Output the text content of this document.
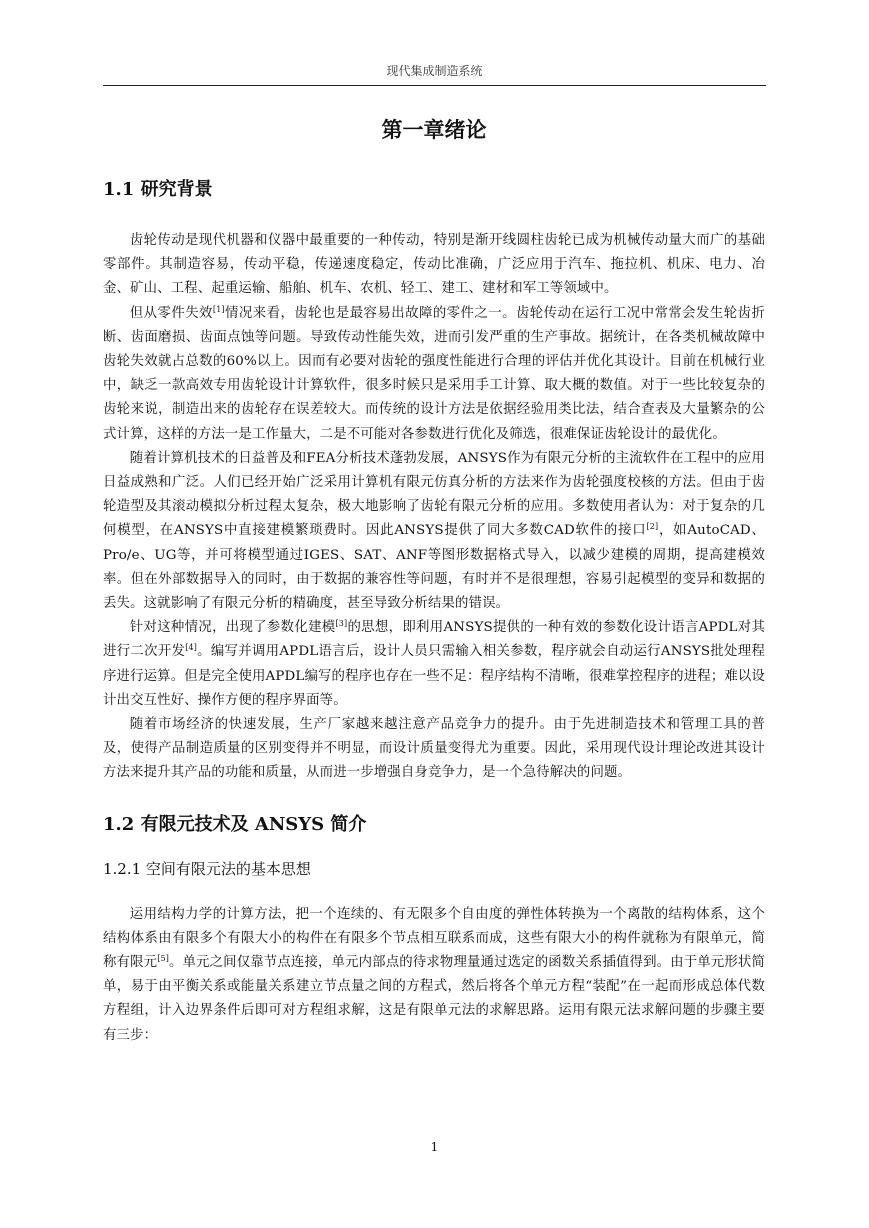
现代集成制造系统
第一章绪论
1.1 研究背景

齿轮传动是现代机器和仪器中最重要的一种传动，特别是渐开线圆柱齿轮已成为机械传动量大而广的基础零部件。其制造容易，传动平稳，传递速度稳定，传动比准确，广泛应用于汽车、拖拉机、机床、电力、冶金、矿山、工程、起重运输、船舶、机车、农机、轻工、建工、建材和军工等领域中。

但从零件失效[1]情况来看，齿轮也是最容易出故障的零件之一。齿轮传动在运行工况中常常会发生轮齿折断、齿面磨损、齿面点蚀等问题。导致传动性能失效，进而引发严重的生产事故。据统计，在各类机械故障中齿轮失效就占总数的60%以上。因而有必要对齿轮的强度性能进行合理的评估并优化其设计。目前在机械行业中，缺乏一款高效专用齿轮设计计算软件，很多时候只是采用手工计算、取大概的数值。对于一些比较复杂的齿轮来说，制造出来的齿轮存在误差较大。而传统的设计方法是依据经验用类比法，结合查表及大量繁杂的公式计算，这样的方法一是工作量大，二是不可能对各参数进行优化及筛选，很难保证齿轮设计的最优化。

随着计算机技术的日益普及和FEA分析技术蓬勃发展，ANSYS作为有限元分析的主流软件在工程中的应用日益成熟和广泛。人们已经开始广泛采用计算机有限元仿真分析的方法来作为齿轮强度校核的方法。但由于齿轮造型及其滚动模拟分析过程太复杂，极大地影响了齿轮有限元分析的应用。多数使用者认为：对于复杂的几何模型，在ANSYS中直接建模繁琐费时。因此ANSYS提供了同大多数CAD软件的接口[2]，如AutoCAD、Pro/e、UG等，并可将模型通过IGES、SAT、ANF等图形数据格式导入，以减少建模的周期，提高建模效率。但在外部数据导入的同时，由于数据的兼容性等问题，有时并不是很理想，容易引起模型的变异和数据的丢失。这就影响了有限元分析的精确度，甚至导致分析结果的错误。

针对这种情况，出现了参数化建模[3]的思想，即利用ANSYS提供的一种有效的参数化设计语言APDL对其进行二次开发[4]。编写并调用APDL语言后，设计人员只需输入相关参数，程序就会自动运行ANSYS批处理程序进行运算。但是完全使用APDL编写的程序也存在一些不足：程序结构不清晰，很难掌控程序的进程；难以设计出交互性好、操作方便的程序界面等。

随着市场经济的快速发展，生产厂家越来越注意产品竞争力的提升。由于先进制造技术和管理工具的普及，使得产品制造质量的区别变得并不明显，而设计质量变得尤为重要。因此，采用现代设计理论改进其设计方法来提升其产品的功能和质量，从而进一步增强自身竞争力，是一个急待解决的问题。

1.2 有限元技术及 ANSYS 简介
1.2.1 空间有限元法的基本思想

运用结构力学的计算方法，把一个连续的、有无限多个自由度的弹性体转换为一个离散的结构体系，这个结构体系由有限多个有限大小的构件在有限多个节点相互联系而成，这些有限大小的构件就称为有限单元，简称有限元[5]。单元之间仅靠节点连接，单元内部点的待求物理量通过选定的函数关系插值得到。由于单元形状简单，易于由平衡关系或能量关系建立节点量之间的方程式，然后将各个单元方程“装配”在一起而形成总体代数方程组，计入边界条件后即可对方程组求解，这是有限单元法的求解思路。运用有限元法求解问题的步骤主要有三步：

1
